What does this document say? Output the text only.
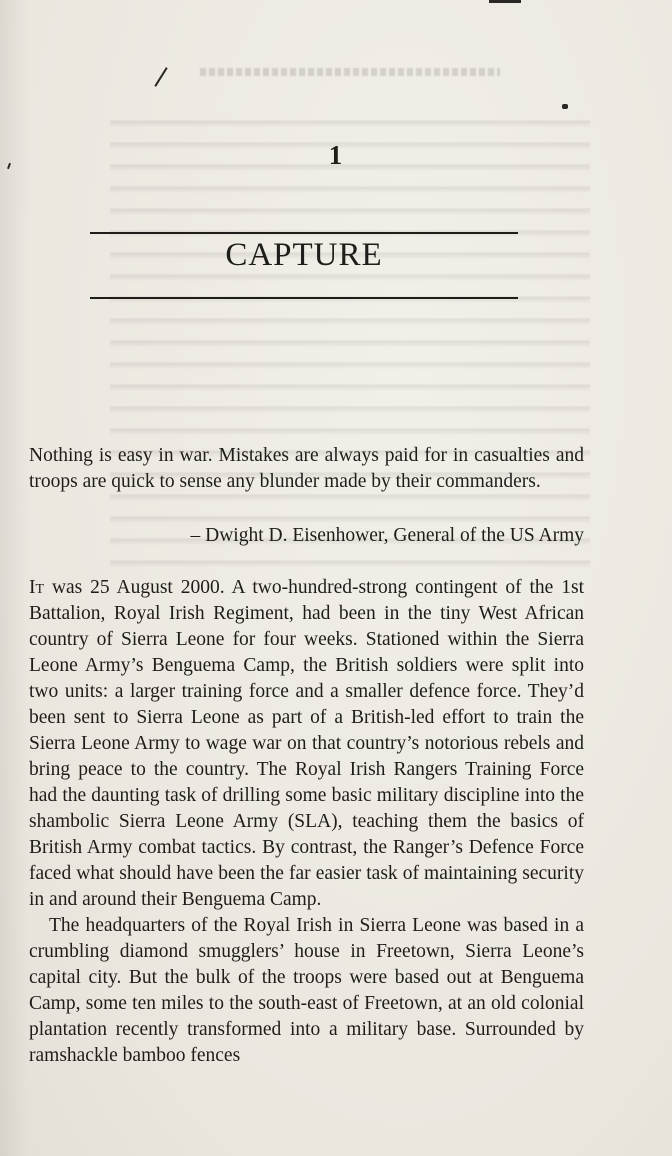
1
CAPTURE

Nothing is easy in war. Mistakes are always paid for in casualties and troops are quick to sense any blunder made by their commanders.

– Dwight D. Eisenhower, General of the US Army

It was 25 August 2000. A two-hundred-strong contingent of the 1st Battalion, Royal Irish Regiment, had been in the tiny West African country of Sierra Leone for four weeks. Stationed within the Sierra Leone Army’s Benguema Camp, the British soldiers were split into two units: a larger training force and a smaller defence force. They’d been sent to Sierra Leone as part of a British-led effort to train the Sierra Leone Army to wage war on that country’s notorious rebels and bring peace to the country. The Royal Irish Rangers Training Force had the daunting task of drilling some basic military discipline into the shambolic Sierra Leone Army (SLA), teaching them the basics of British Army combat tactics. By contrast, the Ranger’s Defence Force faced what should have been the far easier task of maintaining security in and around their Benguema Camp.

The headquarters of the Royal Irish in Sierra Leone was based in a crumbling diamond smugglers’ house in Freetown, Sierra Leone’s capital city. But the bulk of the troops were based out at Benguema Camp, some ten miles to the south-east of Freetown, at an old colonial plantation recently transformed into a military base. Surrounded by ramshackle bamboo fences
